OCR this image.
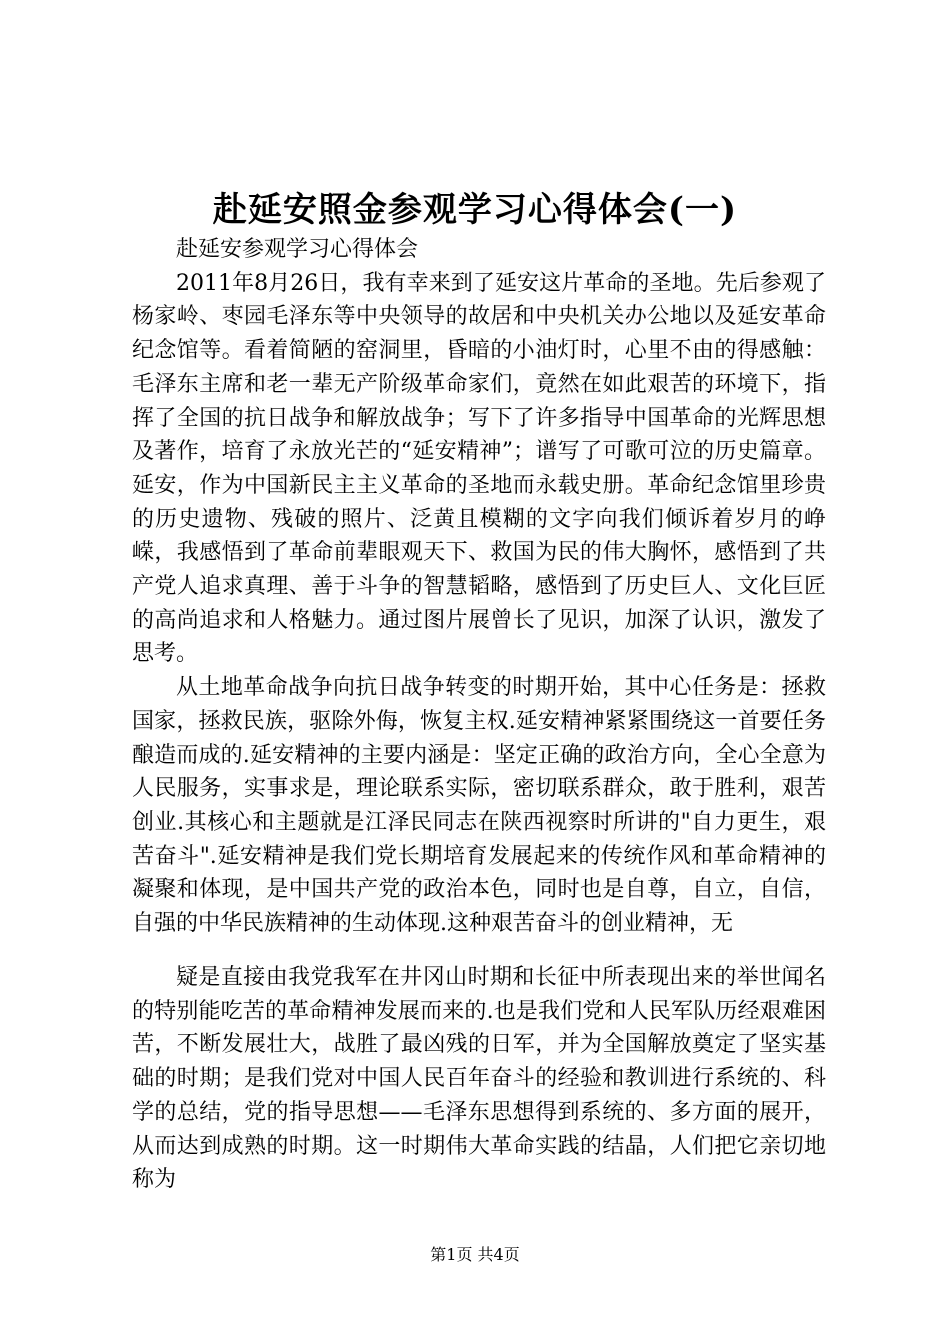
赴延安照金参观学习心得体会(一)

赴延安参观学习心得体会

2011年8月26日，我有幸来到了延安这片革命的圣地。先后参观了杨家岭、枣园毛泽东等中央领导的故居和中央机关办公地以及延安革命纪念馆等。看着简陋的窑洞里，昏暗的小油灯时，心里不由的得感触：毛泽东主席和老一辈无产阶级革命家们，竟然在如此艰苦的环境下，指挥了全国的抗日战争和解放战争；写下了许多指导中国革命的光辉思想及著作，培育了永放光芒的“延安精神”；谱写了可歌可泣的历史篇章。延安，作为中国新民主主义革命的圣地而永载史册。革命纪念馆里珍贵的历史遗物、残破的照片、泛黄且模糊的文字向我们倾诉着岁月的峥嵘，我感悟到了革命前辈眼观天下、救国为民的伟大胸怀，感悟到了共产党人追求真理、善于斗争的智慧韬略，感悟到了历史巨人、文化巨匠的高尚追求和人格魅力。通过图片展曾长了见识，加深了认识，激发了思考。

从土地革命战争向抗日战争转变的时期开始，其中心任务是：拯救国家，拯救民族，驱除外侮，恢复主权.延安精神紧紧围绕这一首要任务酿造而成的.延安精神的主要内涵是：坚定正确的政治方向，全心全意为人民服务，实事求是，理论联系实际，密切联系群众，敢于胜利，艰苦创业.其核心和主题就是江泽民同志在陕西视察时所讲的"自力更生，艰苦奋斗".延安精神是我们党长期培育发展起来的传统作风和革命精神的凝聚和体现，是中国共产党的政治本色，同时也是自尊，自立，自信，自强的中华民族精神的生动体现.这种艰苦奋斗的创业精神，无

疑是直接由我党我军在井冈山时期和长征中所表现出来的举世闻名的特别能吃苦的革命精神发展而来的.也是我们党和人民军队历经艰难困苦，不断发展壮大，战胜了最凶残的日军，并为全国解放奠定了坚实基础的时期；是我们党对中国人民百年奋斗的经验和教训进行系统的、科学的总结，党的指导思想——毛泽东思想得到系统的、多方面的展开，从而达到成熟的时期。这一时期伟大革命实践的结晶，人们把它亲切地称为

第1页 共4页
